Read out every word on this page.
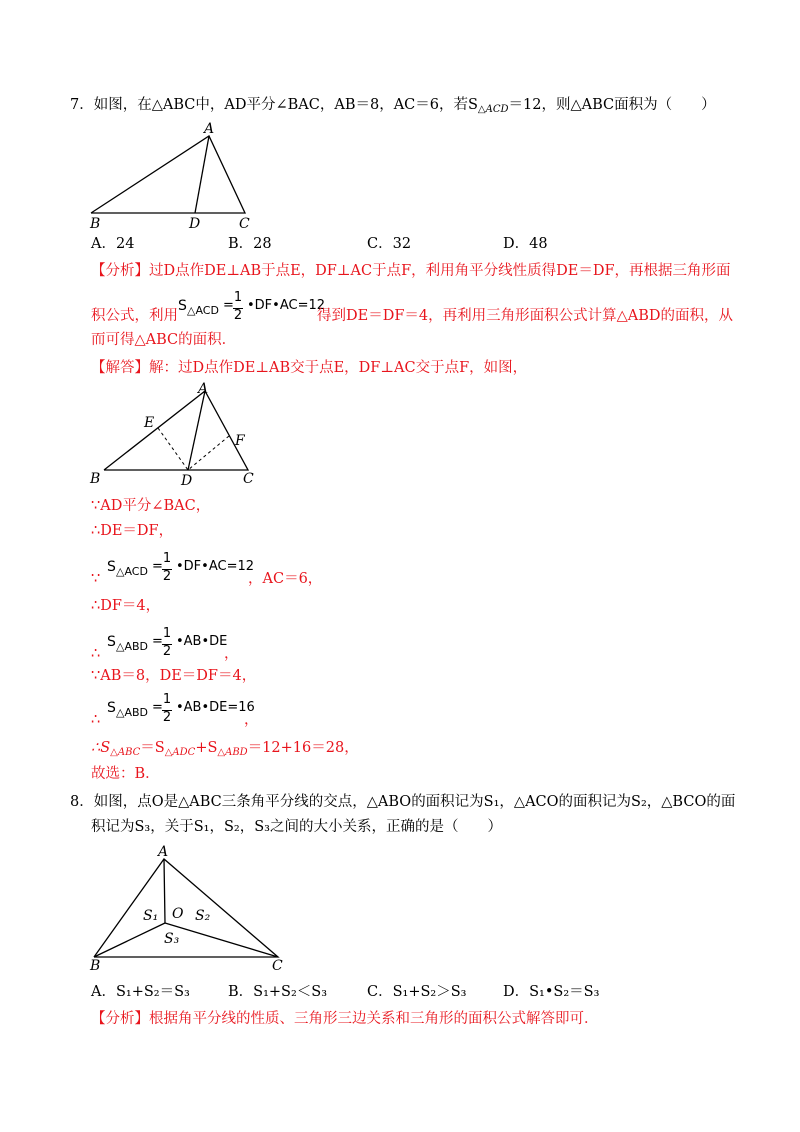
7．如图，在△ABC中，AD平分∠BAC，AB＝8，AC＝6，若$S_{\triangle ACD}=12$，则△ABC面积为（　　）
A
B	D	C
A．24	B．28	C．32	D．48
【分析】过D点作DE⊥AB于点E，DF⊥AC于点F，利用角平分线性质得DE＝DF，再根据三角形面
积公式，利用
S △ACD
1
2
•DF•AC=12
=
得到DE＝DF＝4，再利用三角形面积公式计算△ABD的面积，从
而可得△ABC的面积．
【解答】解：过D点作DE⊥AB交于点E，DF⊥AC交于点F，如图，
A
E
F
B	D	C
∵AD平分∠BAC，
∴DE＝DF，
∵
S △ACD
1
2
•DF•AC=12
=
，AC＝6，
∴DF＝4，
∴
S △ABD
1
2
•AB•DE
=
，
∵AB＝8，DE＝DF＝4，
∴
S △ABD
1
2
•AB•DE=16
=
，
$\therefore S_{\triangle ABC}=S_{\triangle ADC}+S_{\triangle ABD}=12+16=28$，
故选：B．
8．如图，点O是△ABC三条角平分线的交点，△ABO的面积记为S₁，△ACO的面积记为S₂，△BCO的面
积记为S₃，关于S₁，S₂，S₃之间的大小关系，正确的是（　　）
A
O
S₁	S₂
S₃
B	C
A．S₁+S₂＝S₃	B．S₁+S₂＜S₃	C．S₁+S₂＞S₃	D．S₁•S₂＝S₃
【分析】根据角平分线的性质、三角形三边关系和三角形的面积公式解答即可．
